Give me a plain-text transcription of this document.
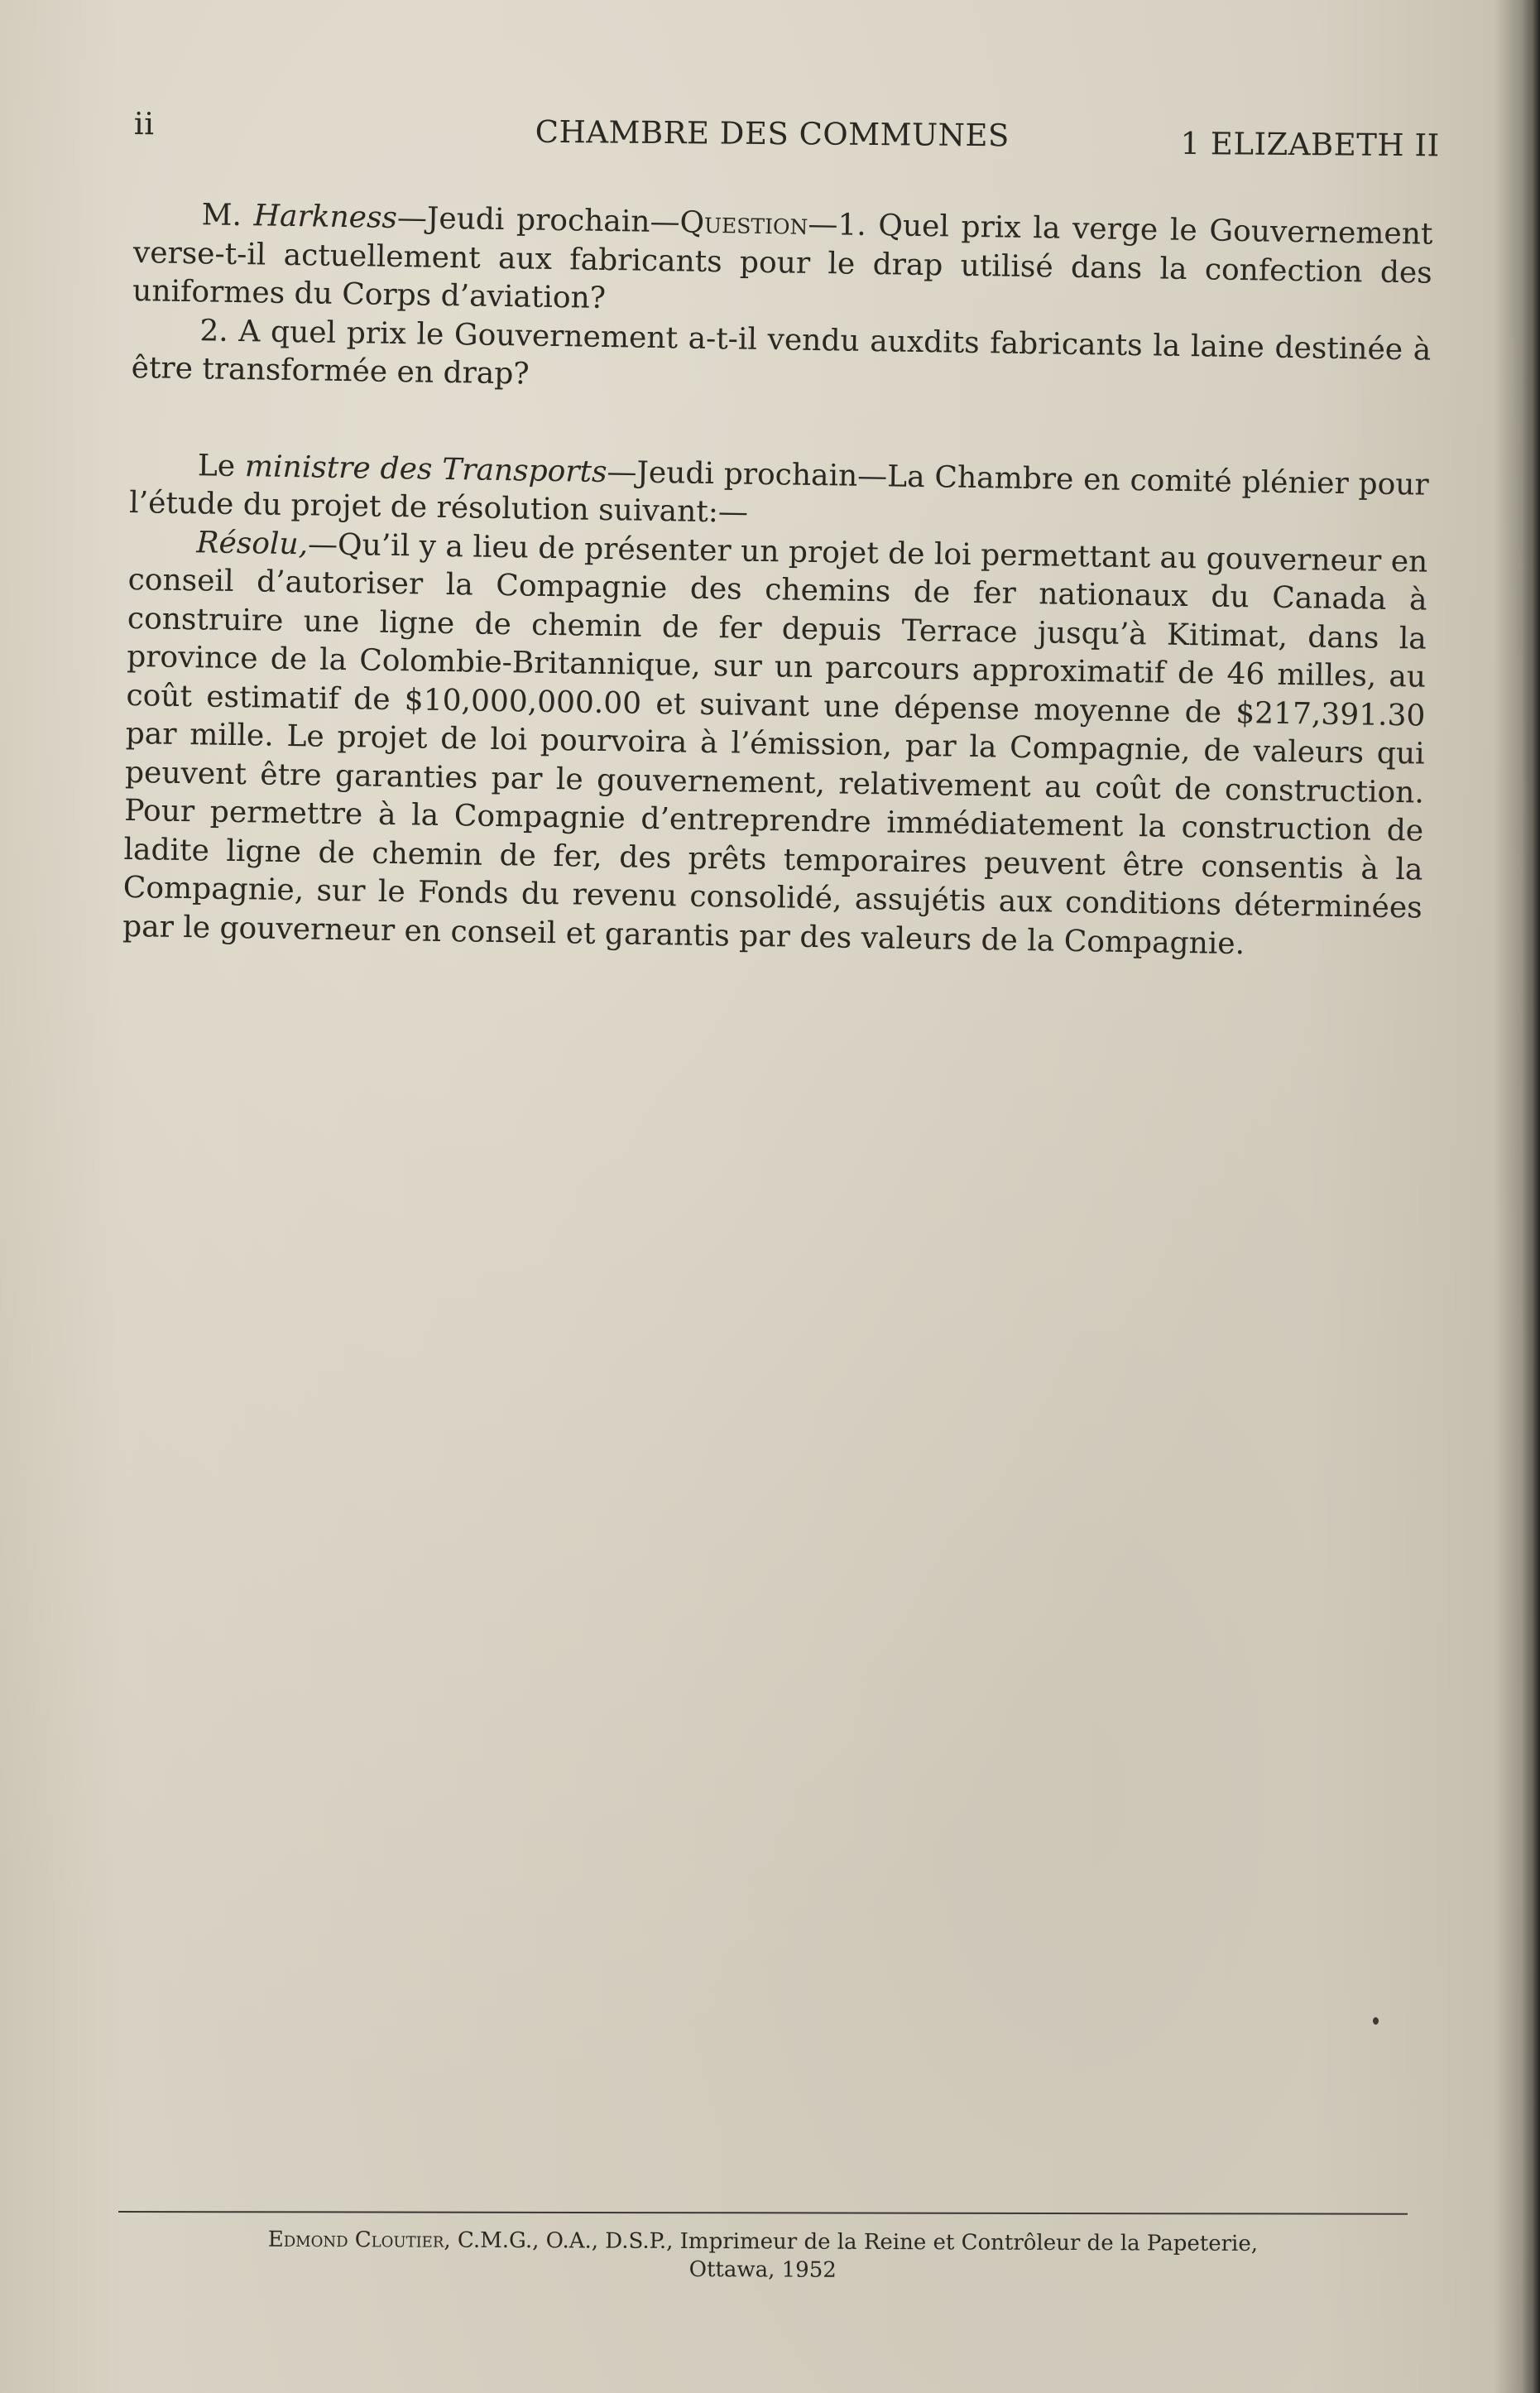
ii	CHAMBRE DES COMMUNES	1 ELIZABETH II

M. Harkness—Jeudi prochain—Question—1. Quel prix la verge le Gouvernement verse-t-il actuellement aux fabricants pour le drap utilisé dans la confection des uniformes du Corps d’aviation?

2. A quel prix le Gouvernement a-t-il vendu auxdits fabricants la laine destinée à être transformée en drap?

Le ministre des Transports—Jeudi prochain—La Chambre en comité plénier pour l’étude du projet de résolution suivant:—

Résolu,—Qu’il y a lieu de présenter un projet de loi permettant au gouverneur en conseil d’autoriser la Compagnie des chemins de fer nationaux du Canada à construire une ligne de chemin de fer depuis Terrace jusqu’à Kitimat, dans la province de la Colombie-Britannique, sur un parcours approximatif de 46 milles, au coût estimatif de $10,000,000.00 et suivant une dépense moyenne de $217,391.30 par mille. Le projet de loi pourvoira à l’émission, par la Compagnie, de valeurs qui peuvent être garanties par le gouvernement, relativement au coût de construction. Pour permettre à la Compagnie d’entreprendre immédiatement la construction de ladite ligne de chemin de fer, des prêts temporaires peuvent être consentis à la Compagnie, sur le Fonds du revenu consolidé, assujétis aux conditions déterminées par le gouverneur en conseil et garantis par des valeurs de la Compagnie.

Edmond Cloutier, C.M.G., O.A., D.S.P., Imprimeur de la Reine et Contrôleur de la Papeterie,
Ottawa, 1952
